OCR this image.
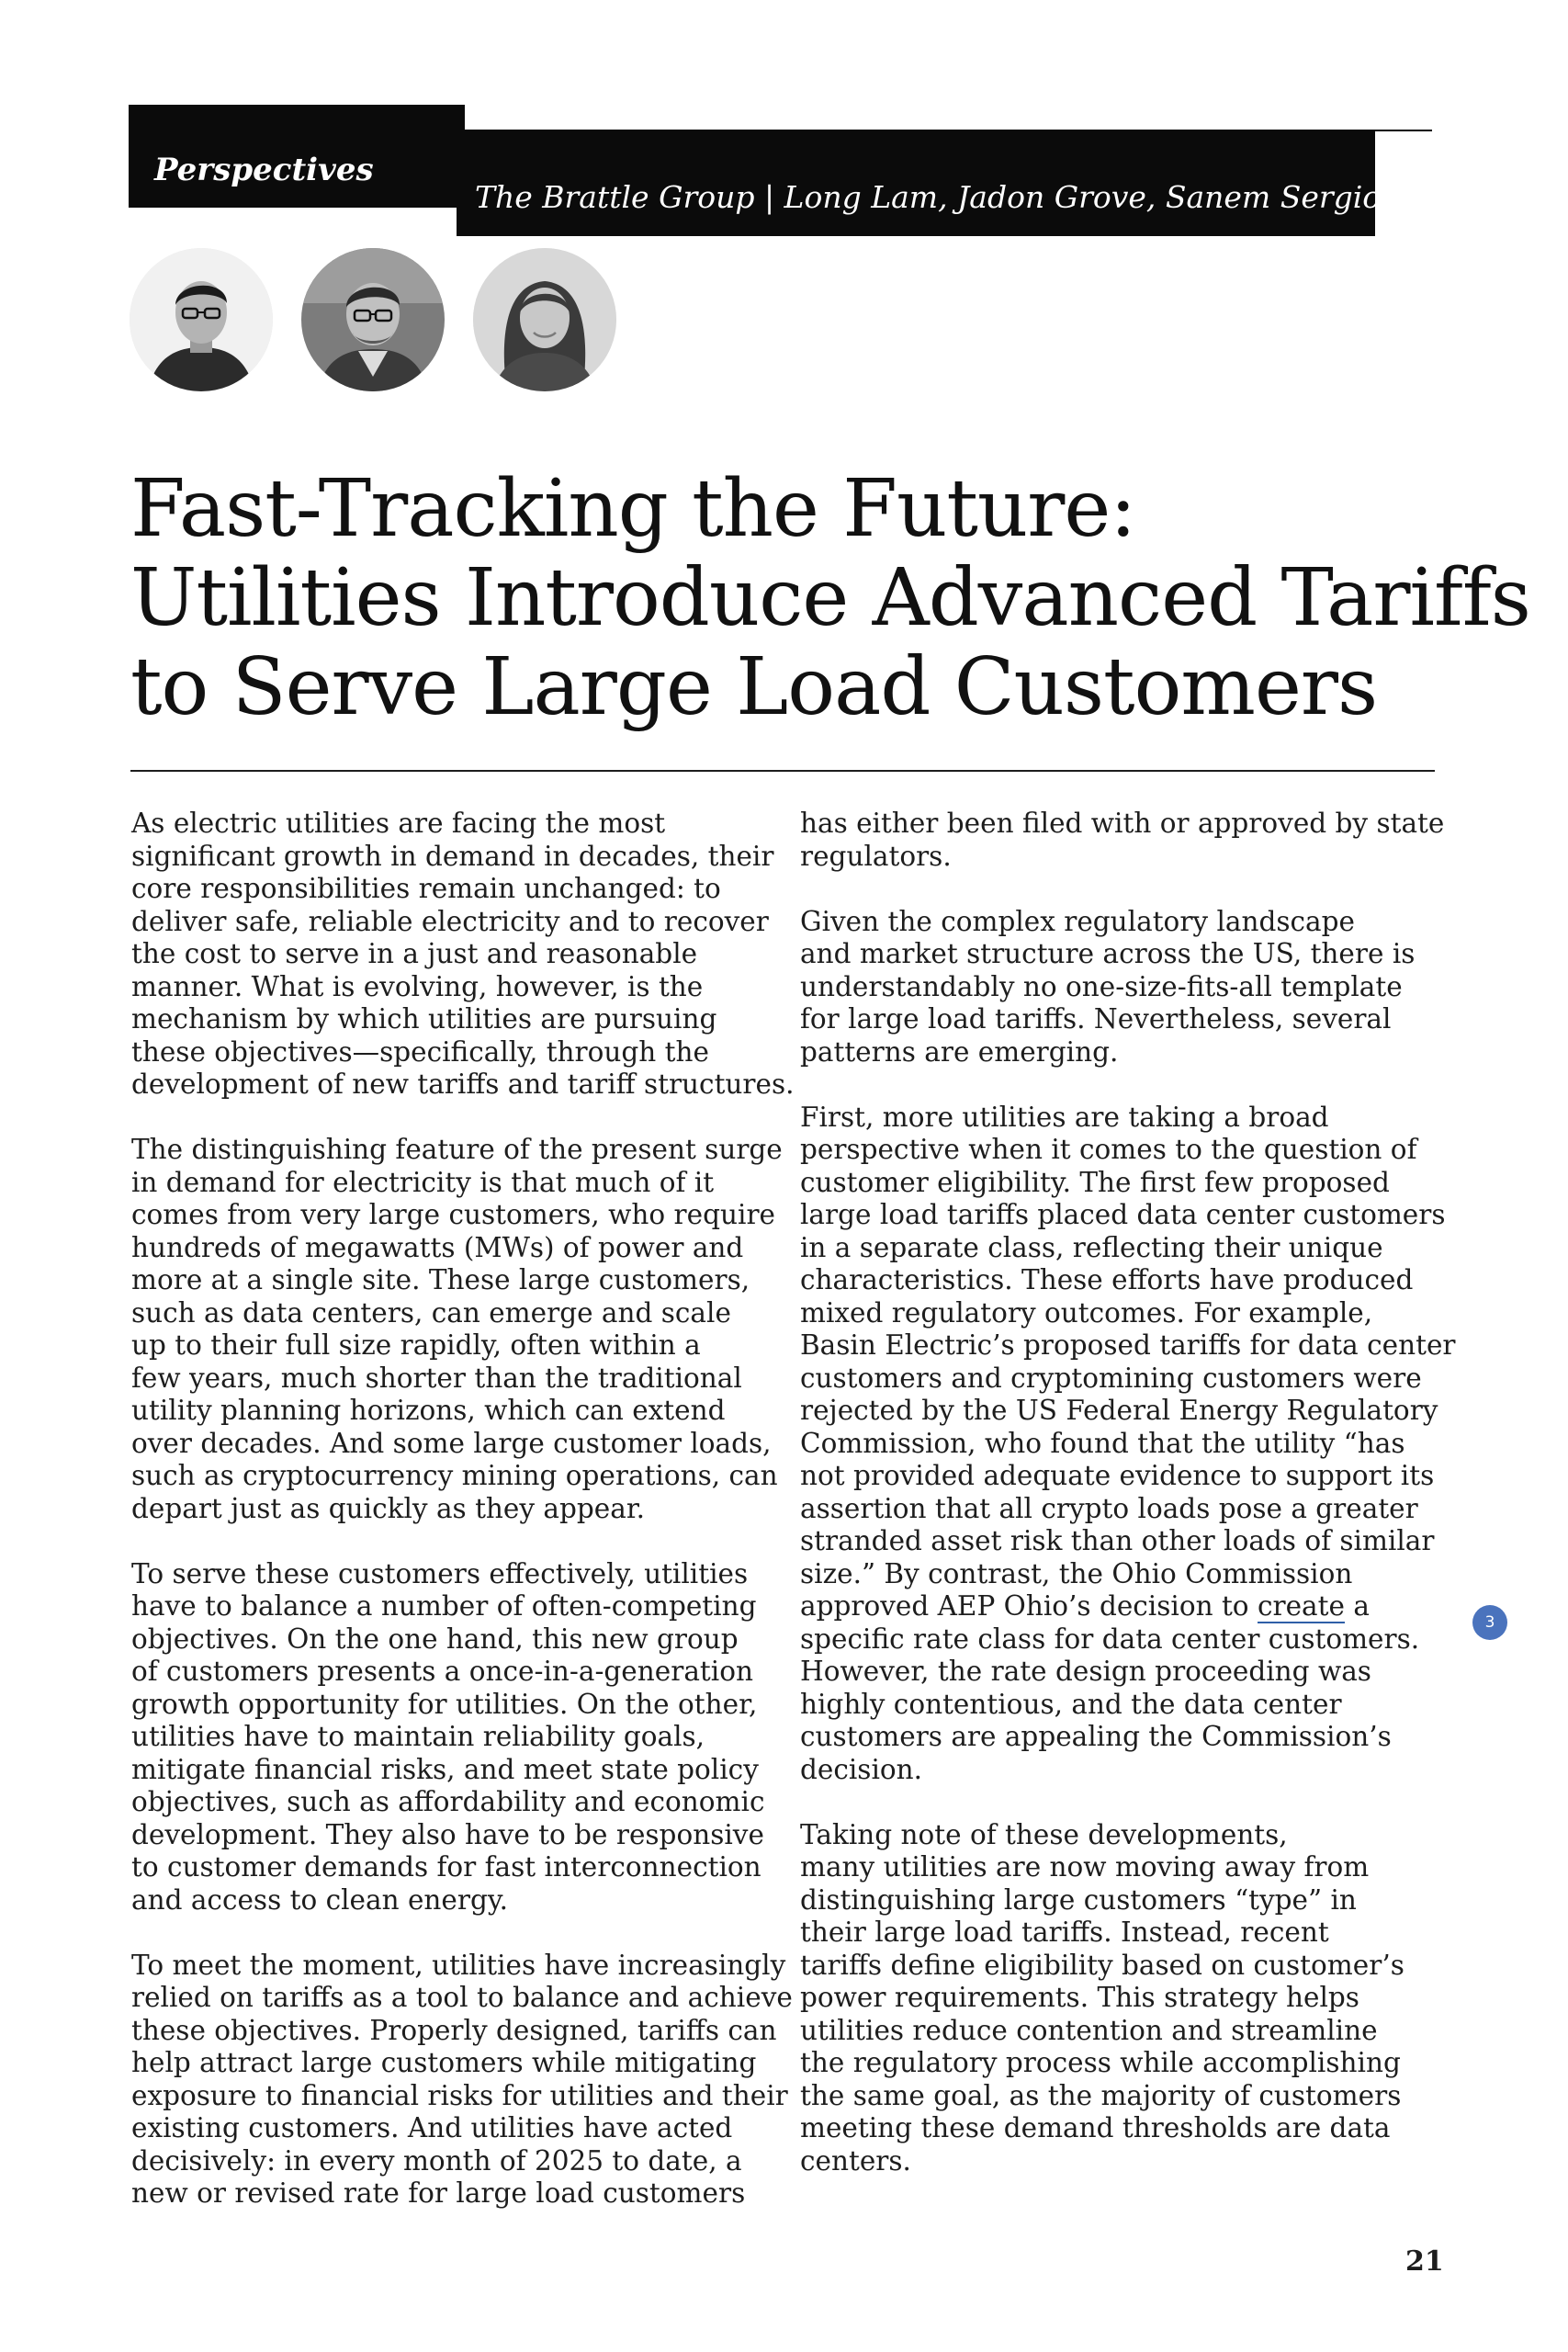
Perspectives
The Brattle Group | Long Lam, Jadon Grove, Sanem Sergici
Fast-Tracking the Future:
Utilities Introduce Advanced Tariffs
to Serve Large Load Customers

As electric utilities are facing the most
significant growth in demand in decades, their
core responsibilities remain unchanged: to
deliver safe, reliable electricity and to recover
the cost to serve in a just and reasonable
manner. What is evolving, however, is the
mechanism by which utilities are pursuing
these objectives—specifically, through the
development of new tariffs and tariff structures.

The distinguishing feature of the present surge
in demand for electricity is that much of it
comes from very large customers, who require
hundreds of megawatts (MWs) of power and
more at a single site. These large customers,
such as data centers, can emerge and scale
up to their full size rapidly, often within a
few years, much shorter than the traditional
utility planning horizons, which can extend
over decades. And some large customer loads,
such as cryptocurrency mining operations, can
depart just as quickly as they appear.

To serve these customers effectively, utilities
have to balance a number of often-competing
objectives. On the one hand, this new group
of customers presents a once-in-a-generation
growth opportunity for utilities. On the other,
utilities have to maintain reliability goals,
mitigate financial risks, and meet state policy
objectives, such as affordability and economic
development. They also have to be responsive
to customer demands for fast interconnection
and access to clean energy.

To meet the moment, utilities have increasingly
relied on tariffs as a tool to balance and achieve
these objectives. Properly designed, tariffs can
help attract large customers while mitigating
exposure to financial risks for utilities and their
existing customers. And utilities have acted
decisively: in every month of 2025 to date, a
new or revised rate for large load customers

has either been filed with or approved by state
regulators.

Given the complex regulatory landscape
and market structure across the US, there is
understandably no one-size-fits-all template
for large load tariffs. Nevertheless, several
patterns are emerging.

First, more utilities are taking a broad
perspective when it comes to the question of
customer eligibility. The first few proposed
large load tariffs placed data center customers
in a separate class, reflecting their unique
characteristics. These efforts have produced
mixed regulatory outcomes. For example,
Basin Electric’s proposed tariffs for data center
customers and cryptomining customers were
rejected by the US Federal Energy Regulatory
Commission, who found that the utility “has
not provided adequate evidence to support its
assertion that all crypto loads pose a greater
stranded asset risk than other loads of similar
size.” By contrast, the Ohio Commission
approved AEP Ohio’s decision to create a
specific rate class for data center customers.
However, the rate design proceeding was
highly contentious, and the data center
customers are appealing the Commission’s
decision.

Taking note of these developments,
many utilities are now moving away from
distinguishing large customers “type” in
their large load tariffs. Instead, recent
tariffs define eligibility based on customer’s
power requirements. This strategy helps
utilities reduce contention and streamline
the regulatory process while accomplishing
the same goal, as the majority of customers
meeting these demand thresholds are data
centers.

3
21
